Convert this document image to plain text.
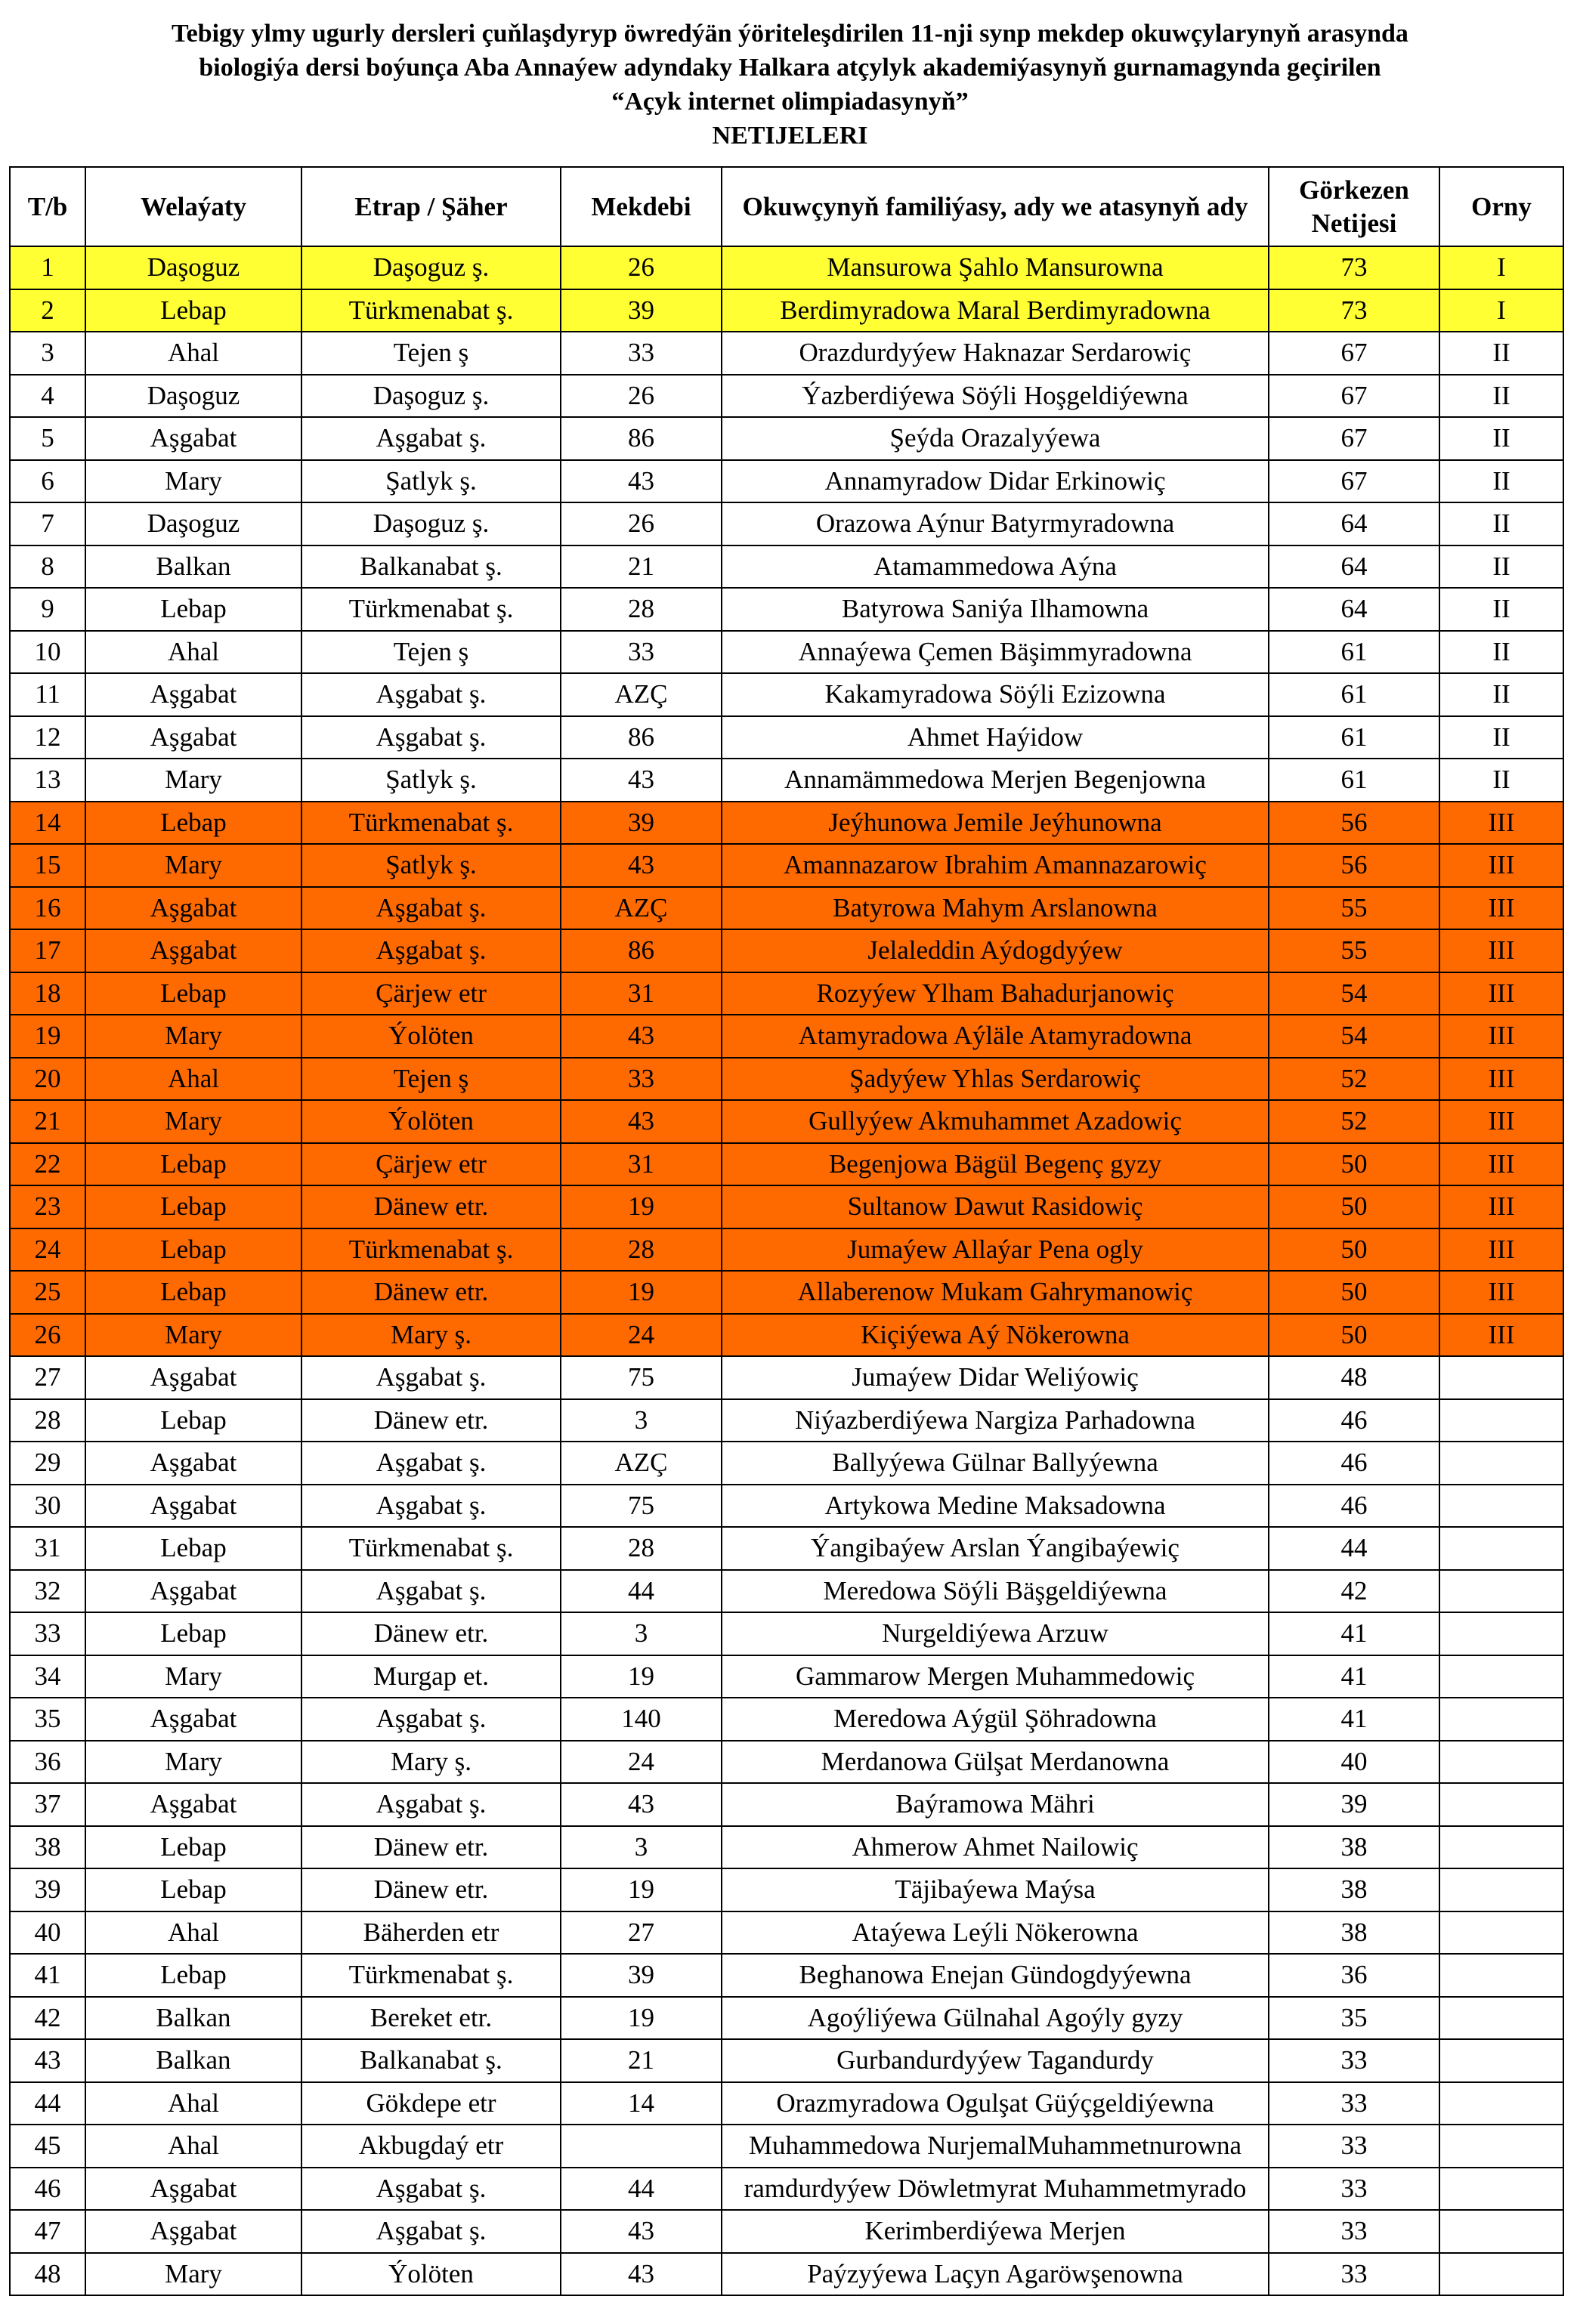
Tebigy ylmy ugurly dersleri çuňlaşdyryp öwredýän ýöriteleşdirilen 11-nji synp mekdep okuwçylarynyň arasynda
biologiýa dersi boýunça Aba Annaýew adyndaky Halkara atçylyk akademiýasynyň gurnamagynda geçirilen
“Açyk internet olimpiadasynyň”
NETIJELERI
T/b	Welaýaty	Etrap / Şäher	Mekdebi	Okuwçynyň familiýasy, ady we atasynyň ady	Görkezen Netijesi	Orny
1	Daşoguz	Daşoguz ş.	26	Mansurowa Şahlo Mansurowna	73	I
2	Lebap	Türkmenabat ş.	39	Berdimyradowa Maral Berdimyradowna	73	I
3	Ahal	Tejen ş	33	Orazdurdyýew Haknazar Serdarowiç	67	II
4	Daşoguz	Daşoguz ş.	26	Ýazberdiýewa Söýli Hoşgeldiýewna	67	II
5	Aşgabat	Aşgabat ş.	86	Şeýda Orazalyýewa	67	II
6	Mary	Şatlyk ş.	43	Annamyradow Didar Erkinowiç	67	II
7	Daşoguz	Daşoguz ş.	26	Orazowa Aýnur Batyrmyradowna	64	II
8	Balkan	Balkanabat ş.	21	Atamammedowa Aýna	64	II
9	Lebap	Türkmenabat ş.	28	Batyrowa Saniýa Ilhamowna	64	II
10	Ahal	Tejen ş	33	Annaýewa Çemen Bäşimmyradowna	61	II
11	Aşgabat	Aşgabat ş.	AZÇ	Kakamyradowa Söýli Ezizowna	61	II
12	Aşgabat	Aşgabat ş.	86	Ahmet Haýidow	61	II
13	Mary	Şatlyk ş.	43	Annamämmedowa Merjen Begenjowna	61	II
14	Lebap	Türkmenabat ş.	39	Jeýhunowa Jemile Jeýhunowna	56	III
15	Mary	Şatlyk ş.	43	Amannazarow Ibrahim Amannazarowiç	56	III
16	Aşgabat	Aşgabat ş.	AZÇ	Batyrowa Mahym Arslanowna	55	III
17	Aşgabat	Aşgabat ş.	86	Jelaleddin Aýdogdyýew	55	III
18	Lebap	Çärjew etr	31	Rozyýew Ylham Bahadurjanowiç	54	III
19	Mary	Ýolöten	43	Atamyradowa Aýläle Atamyradowna	54	III
20	Ahal	Tejen ş	33	Şadyýew Yhlas Serdarowiç	52	III
21	Mary	Ýolöten	43	Gullyýew Akmuhammet Azadowiç	52	III
22	Lebap	Çärjew etr	31	Begenjowa Bägül Begenç gyzy	50	III
23	Lebap	Dänew etr.	19	Sultanow Dawut Rasidowiç	50	III
24	Lebap	Türkmenabat ş.	28	Jumaýew Allaýar Pena ogly	50	III
25	Lebap	Dänew etr.	19	Allaberenow Mukam Gahrymanowiç	50	III
26	Mary	Mary ş.	24	Kiçiýewa Aý Nökerowna	50	III
27	Aşgabat	Aşgabat ş.	75	Jumaýew Didar Weliýowiç	48	
28	Lebap	Dänew etr.	3	Niýazberdiýewa Nargiza Parhadowna	46	
29	Aşgabat	Aşgabat ş.	AZÇ	Ballyýewa Gülnar Ballyýewna	46	
30	Aşgabat	Aşgabat ş.	75	Artykowa Medine Maksadowna	46	
31	Lebap	Türkmenabat ş.	28	Ýangibaýew Arslan Ýangibaýewiç	44	
32	Aşgabat	Aşgabat ş.	44	Meredowa Söýli Bäşgeldiýewna	42	
33	Lebap	Dänew etr.	3	Nurgeldiýewa Arzuw	41	
34	Mary	Murgap et.	19	Gammarow Mergen Muhammedowiç	41	
35	Aşgabat	Aşgabat ş.	140	Meredowa Aýgül Şöhradowna	41	
36	Mary	Mary ş.	24	Merdanowa Gülşat Merdanowna	40	
37	Aşgabat	Aşgabat ş.	43	Baýramowa Mähri	39	
38	Lebap	Dänew etr.	3	Ahmerow Ahmet Nailowiç	38	
39	Lebap	Dänew etr.	19	Täjibaýewa Maýsa	38	
40	Ahal	Bäherden etr	27	Ataýewa Leýli Nökerowna	38	
41	Lebap	Türkmenabat ş.	39	Beghanowa Enejan Gündogdyýewna	36	
42	Balkan	Bereket etr.	19	Agoýliýewa Gülnahal Agoýly gyzy	35	
43	Balkan	Balkanabat ş.	21	Gurbandurdyýew Tagandurdy	33	
44	Ahal	Gökdepe etr	14	Orazmyradowa Ogulşat Güýçgeldiýewna	33	
45	Ahal	Akbugdaý etr		Muhammedowa NurjemalMuhammetnurowna	33	
46	Aşgabat	Aşgabat ş.	44	ramdurdyýew Döwletmyrat Muhammetmyrado	33	
47	Aşgabat	Aşgabat ş.	43	Kerimberdiýewa Merjen	33	
48	Mary	Ýolöten	43	Paýzyýewa Laçyn Agaröwşenowna	33	
